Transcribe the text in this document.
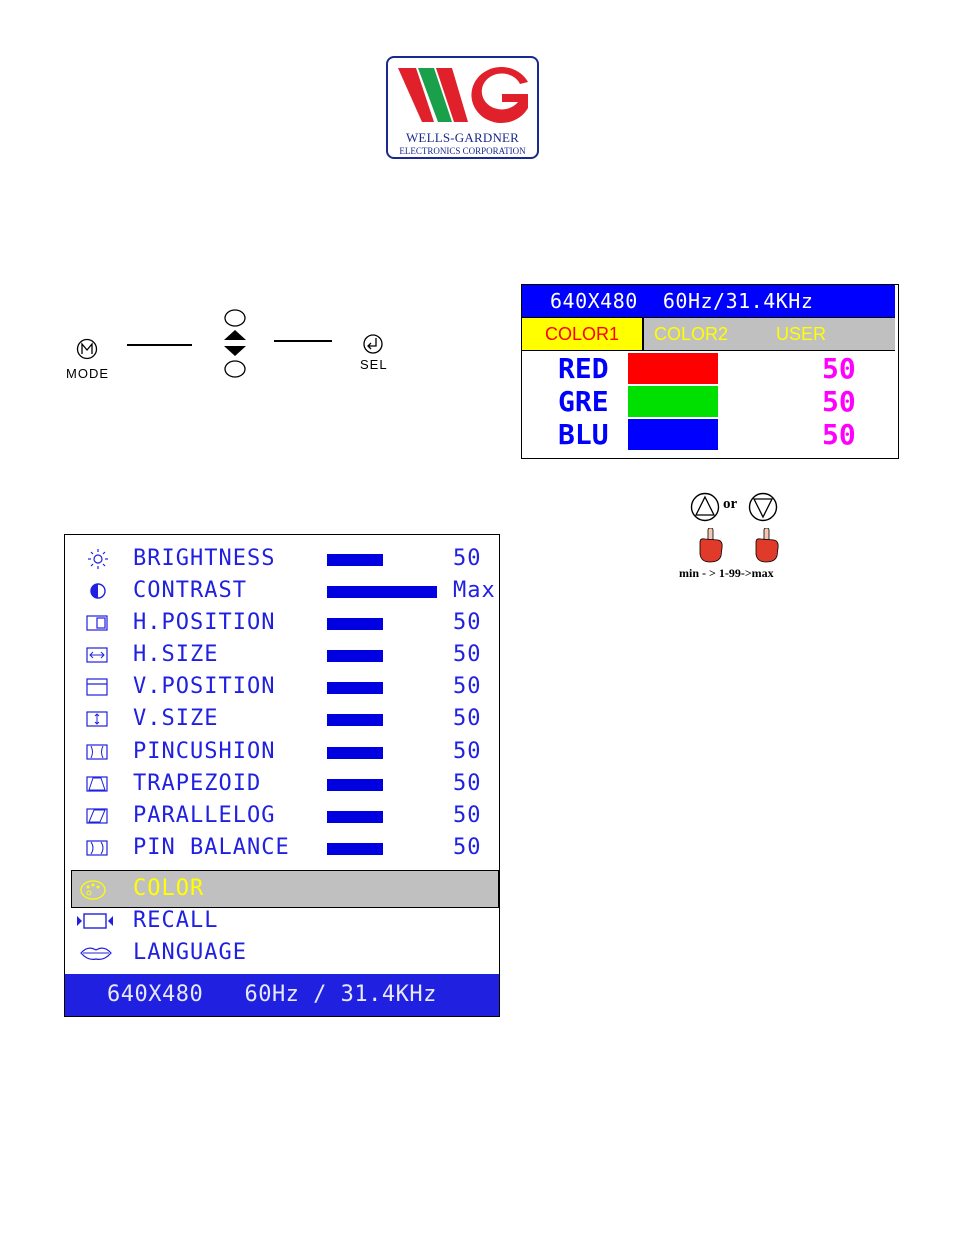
WELLS-GARDNER
ELECTRONICS CORPORATION
MODE
SEL
640X480  60Hz/31.4KHz
COLOR1	COLOR2	USER
RED	50
GRE	50
BLU	50
or
min - > 1-99->max
BRIGHTNESS	50
CONTRAST	Max
H.POSITION	50
H.SIZE	50
V.POSITION	50
V.SIZE	50
PINCUSHION	50
TRAPEZOID	50
PARALLELOG	50
PIN BALANCE	50
COLOR
RECALL
LANGUAGE
640X480   60Hz / 31.4KHz
